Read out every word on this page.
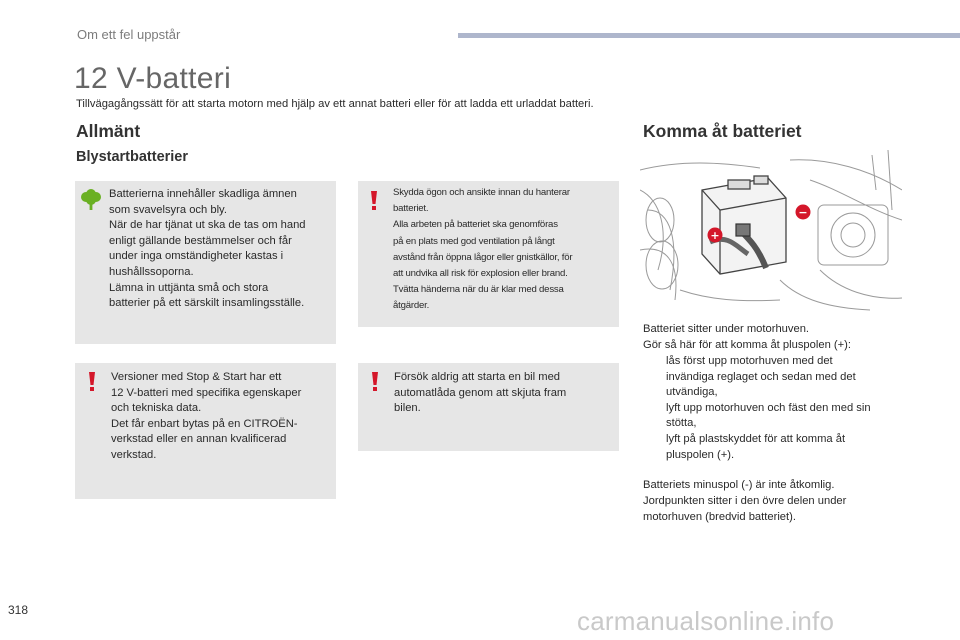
Om ett fel uppstår
12 V-batteri

Tillvägagångssätt för att starta motorn med hjälp av ett annat batteri eller för att ladda ett urladdat batteri.

Allmänt
Blystartbatterier
Batterierna innehåller skadliga ämnen
som svavelsyra och bly.
När de har tjänat ut ska de tas om hand
enligt gällande bestämmelser och får
under inga omständigheter kastas i
hushållssoporna.
Lämna in uttjänta små och stora
batterier på ett särskilt insamlingsställe.
Skydda ögon och ansikte innan du hanterar
batteriet.
Alla arbeten på batteriet ska genomföras
på en plats med god ventilation på långt
avstånd från öppna lågor eller gnistkällor, för
att undvika all risk för explosion eller brand.
Tvätta händerna när du är klar med dessa
åtgärder.
Versioner med Stop & Start har ett
12 V-batteri med specifika egenskaper
och tekniska data.
Det får enbart bytas på en CITROËN-
verkstad eller en annan kvalificerad
verkstad.
Försök aldrig att starta en bil med
automatlåda genom att skjuta fram
bilen.
Komma åt batteriet
+
−
Batteriet sitter under motorhuven.
Gör så här för att komma åt pluspolen (+):
lås först upp motorhuven med det
invändiga reglaget och sedan med det
utvändiga,
lyft upp motorhuven och fäst den med sin
stötta,
lyft på plastskyddet för att komma åt
pluspolen (+).
Batteriets minuspol (-) är inte åtkomlig.
Jordpunkten sitter i den övre delen under
motorhuven (bredvid batteriet).
318	carmanualsonline.info
